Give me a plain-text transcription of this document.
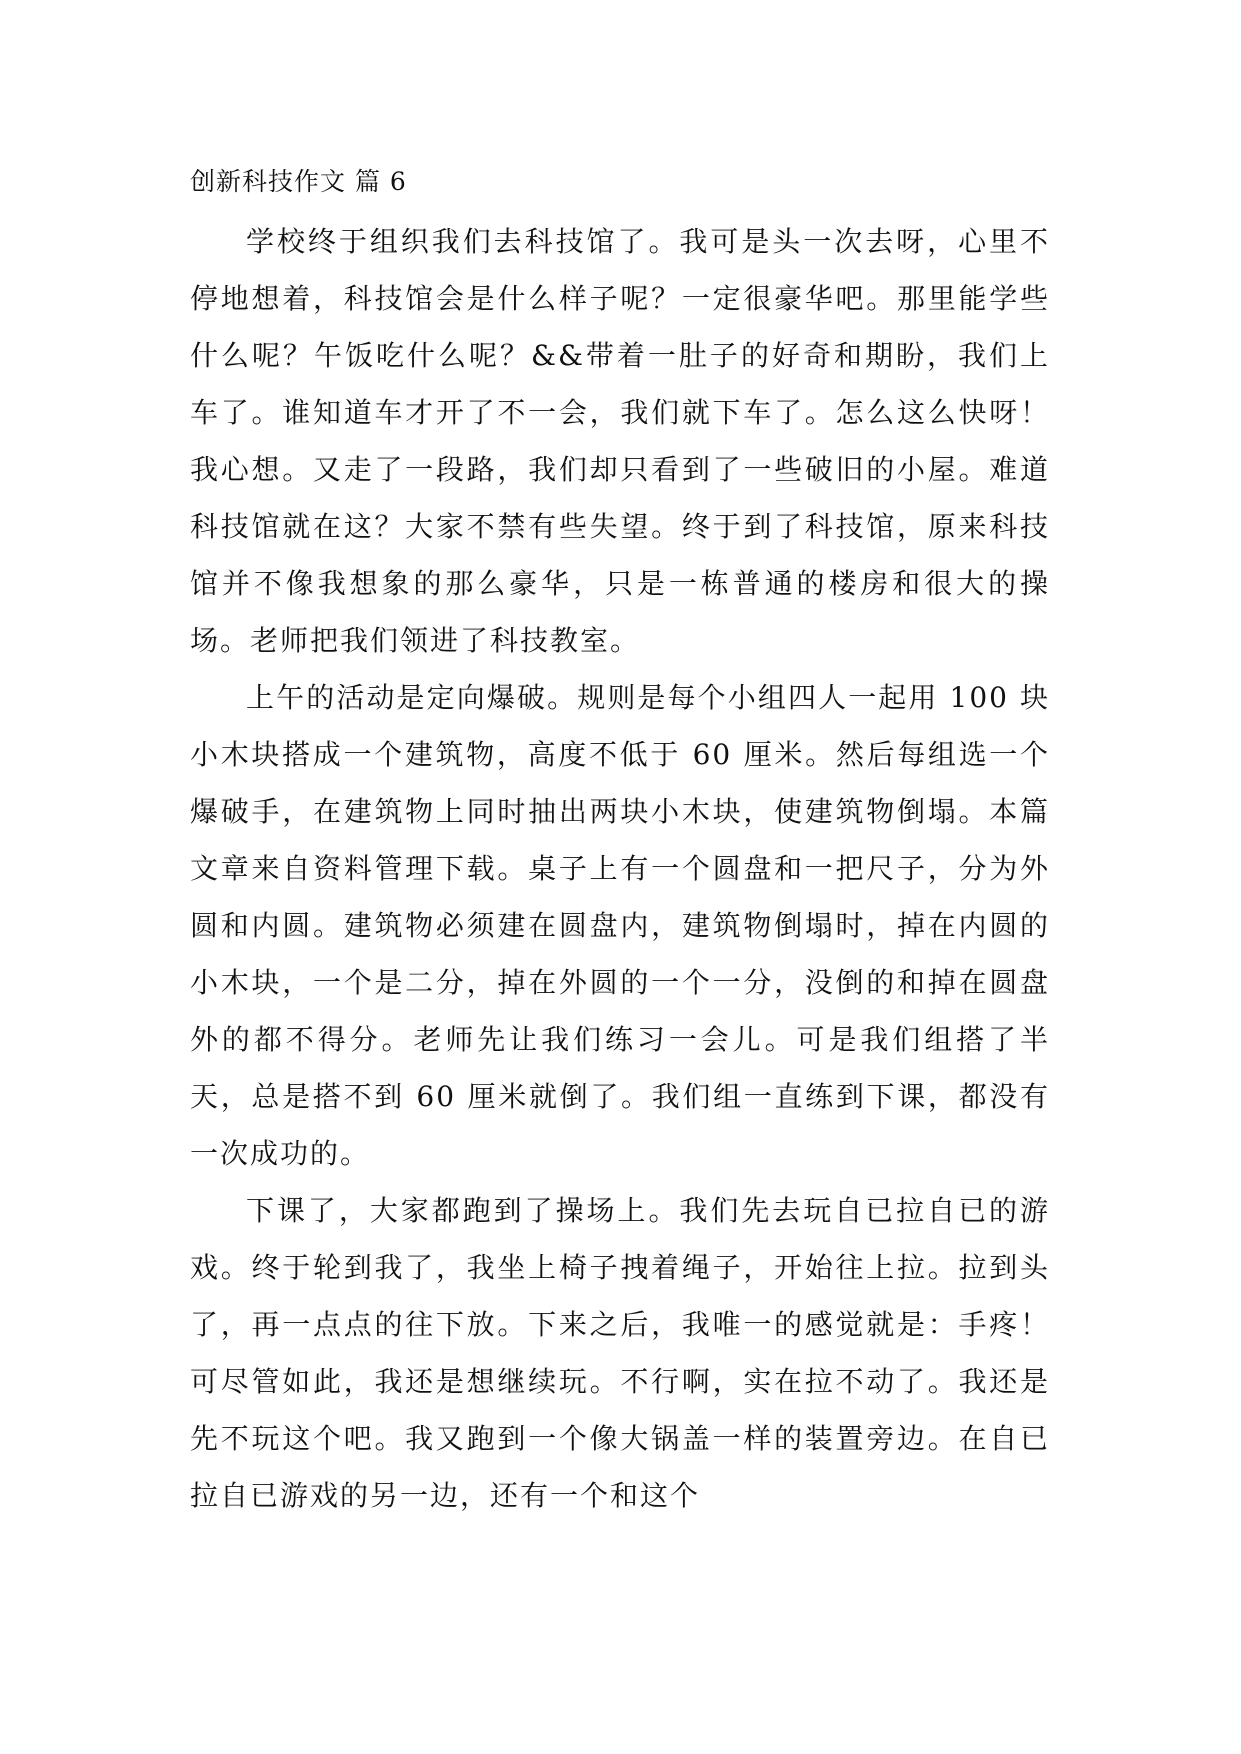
创新科技作文 篇 6

学校终于组织我们去科技馆了。我可是头一次去呀，心里不停地想着，科技馆会是什么样子呢？一定很豪华吧。那里能学些什么呢？午饭吃什么呢？&&带着一肚子的好奇和期盼，我们上车了。谁知道车才开了不一会，我们就下车了。怎么这么快呀！我心想。又走了一段路，我们却只看到了一些破旧的小屋。难道科技馆就在这？大家不禁有些失望。终于到了科技馆，原来科技馆并不像我想象的那么豪华，只是一栋普通的楼房和很大的操场。老师把我们领进了科技教室。

上午的活动是定向爆破。规则是每个小组四人一起用 100 块小木块搭成一个建筑物，高度不低于 60 厘米。然后每组选一个爆破手，在建筑物上同时抽出两块小木块，使建筑物倒塌。本篇文章来自资料管理下载。桌子上有一个圆盘和一把尺子，分为外圆和内圆。建筑物必须建在圆盘内，建筑物倒塌时，掉在内圆的小木块，一个是二分，掉在外圆的一个一分，没倒的和掉在圆盘外的都不得分。老师先让我们练习一会儿。可是我们组搭了半天，总是搭不到 60 厘米就倒了。我们组一直练到下课，都没有一次成功的。

下课了，大家都跑到了操场上。我们先去玩自已拉自已的游戏。终于轮到我了，我坐上椅子拽着绳子，开始往上拉。拉到头了，再一点点的往下放。下来之后，我唯一的感觉就是：手疼！可尽管如此，我还是想继续玩。不行啊，实在拉不动了。我还是先不玩这个吧。我又跑到一个像大锅盖一样的装置旁边。在自已拉自已游戏的另一边，还有一个和这个
